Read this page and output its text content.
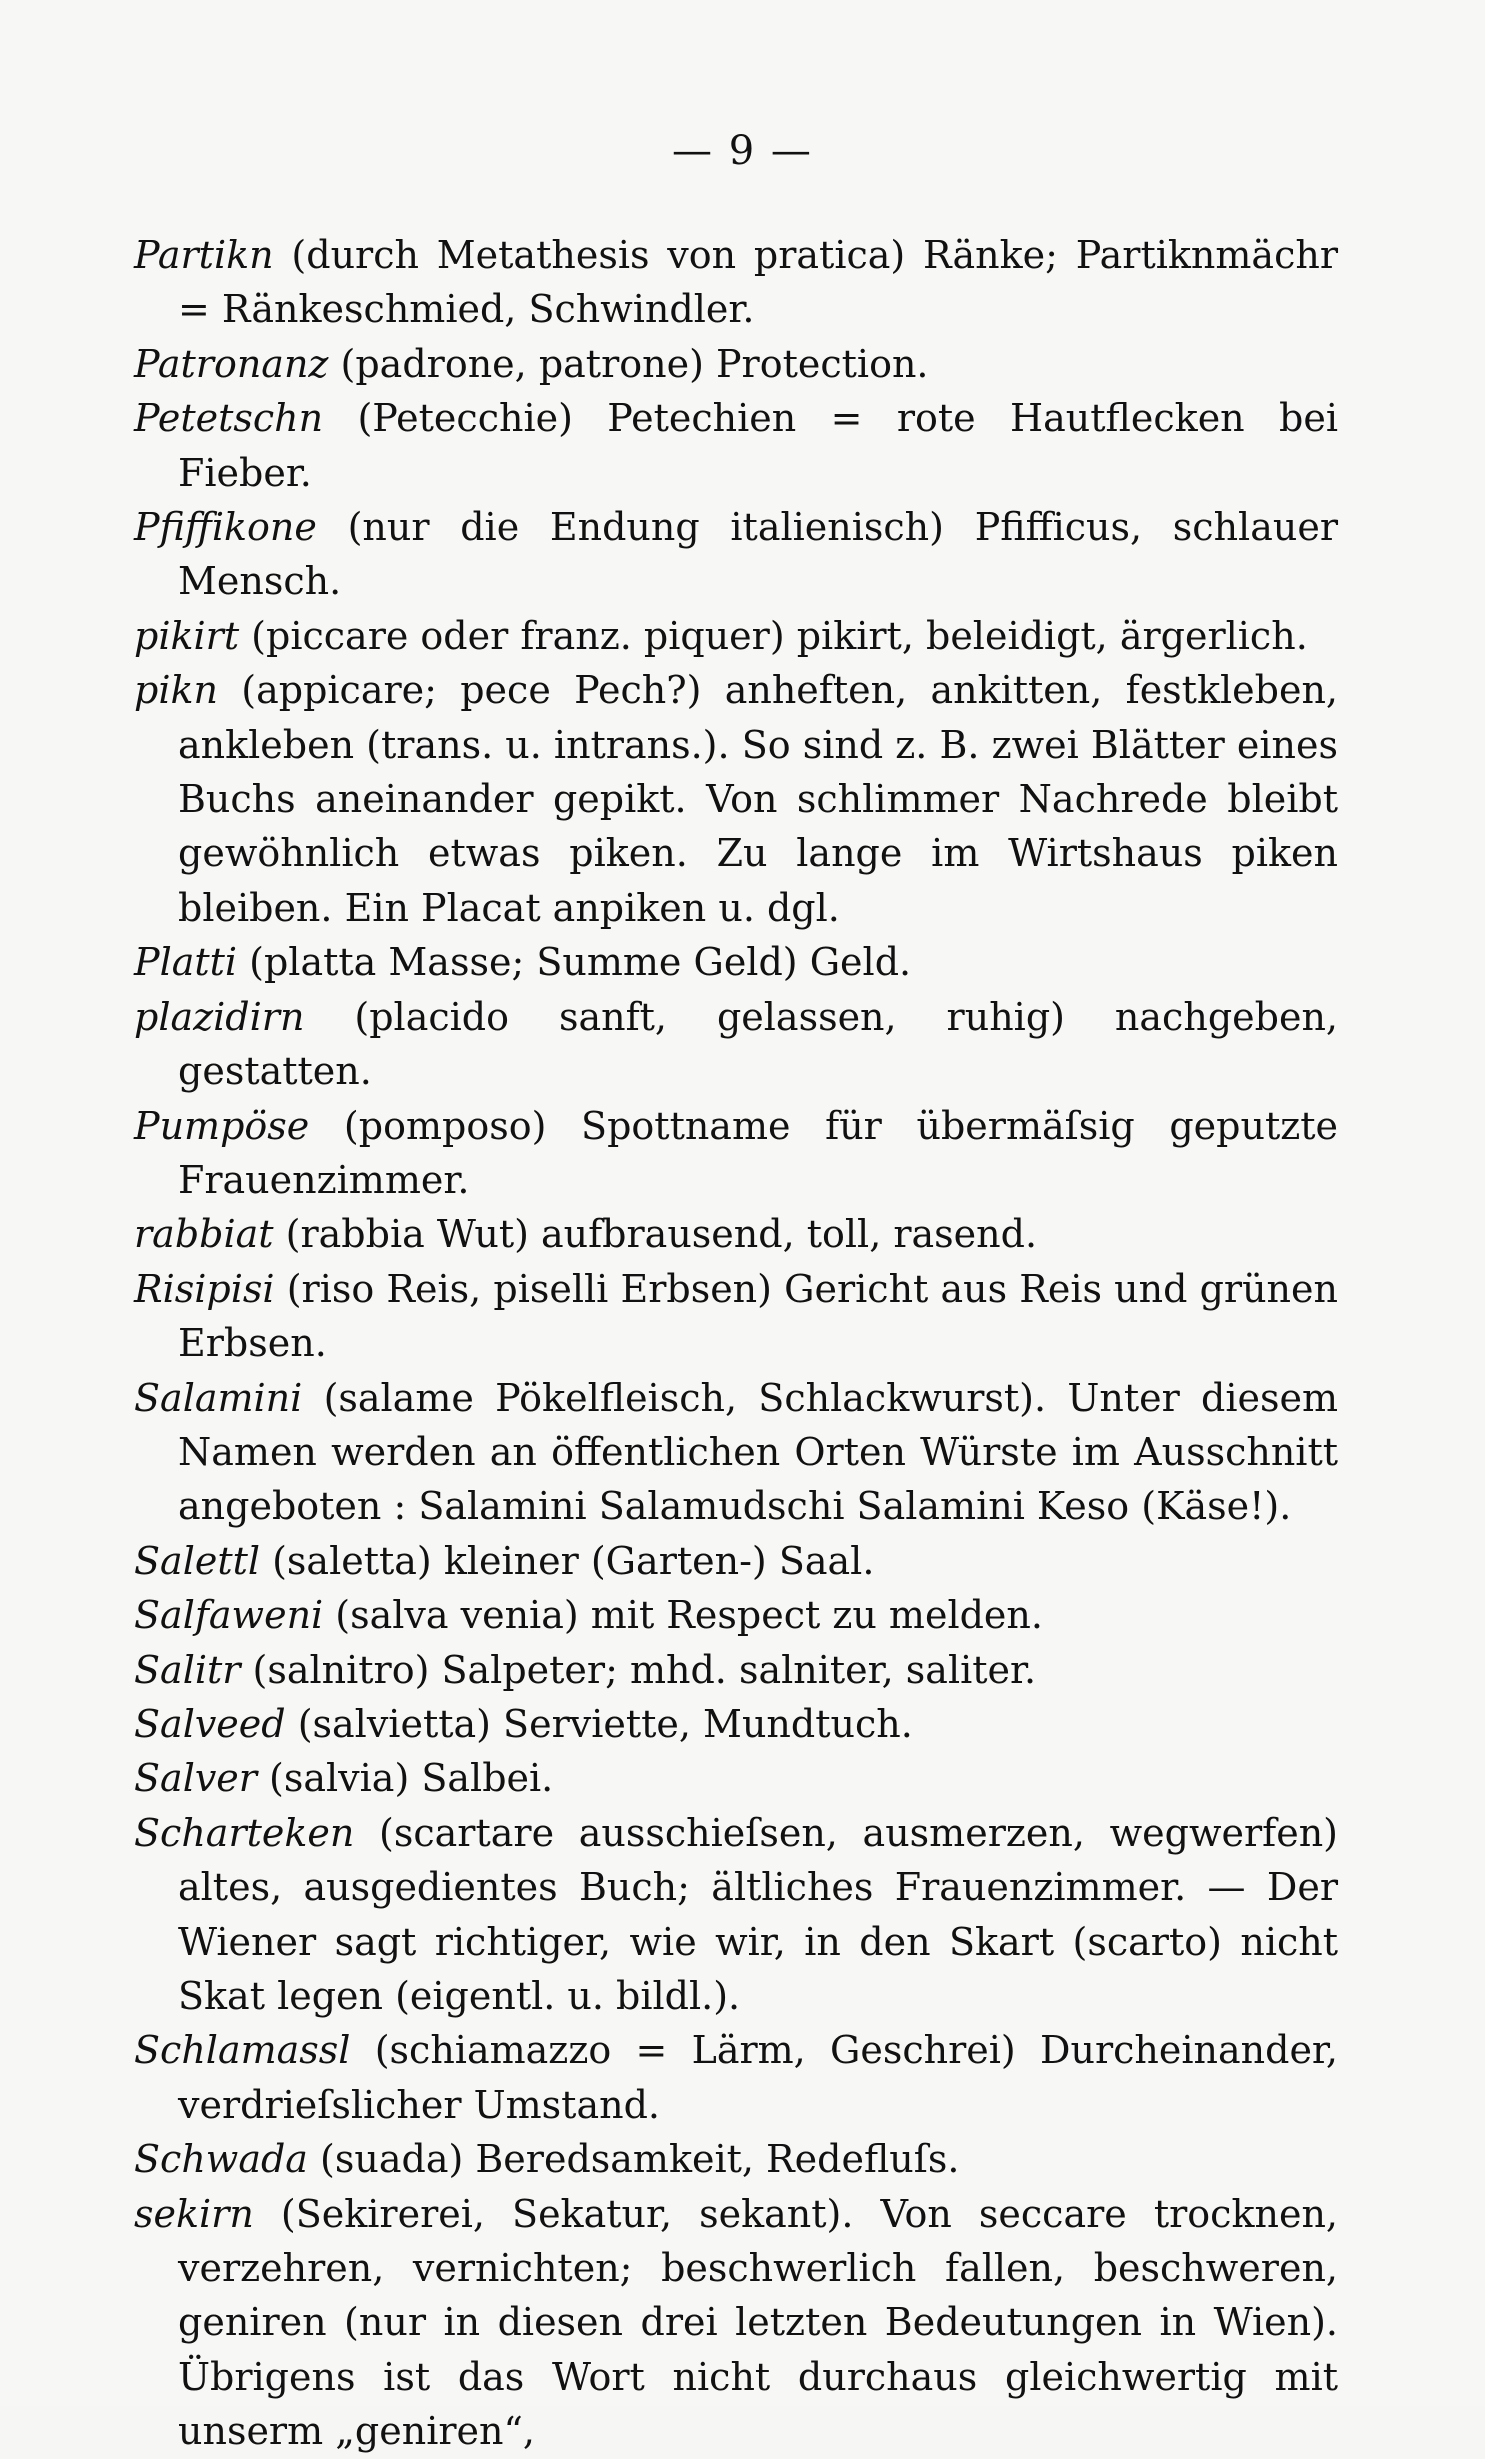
— 9 —

Partikn (durch Metathesis von pratica) Ränke; Partiknmächr = Ränkeschmied, Schwindler.

Patronanz (padrone, patrone) Protection.

Petetschn (Petecchie) Petechien = rote Hautflecken bei Fieber.

Pfiffikone (nur die Endung italienisch) Pfifficus, schlauer Mensch.

pikirt (piccare oder franz. piquer) pikirt, beleidigt, ärgerlich.

pikn (appicare; pece Pech?) anheften, ankitten, festkleben, ankleben (trans. u. intrans.). So sind z. B. zwei Blätter eines Buchs aneinander gepikt. Von schlimmer Nachrede bleibt gewöhnlich etwas piken. Zu lange im Wirtshaus piken bleiben. Ein Placat anpiken u. dgl.

Platti (platta Masse; Summe Geld) Geld.

plazidirn (placido sanft, gelassen, ruhig) nachgeben, gestatten.

Pumpöse (pomposo) Spottname für übermäſsig geputzte Frauenzimmer.

rabbiat (rabbia Wut) aufbrausend, toll, rasend.

Risipisi (riso Reis, piselli Erbsen) Gericht aus Reis und grünen Erbsen.

Salamini (salame Pökelfleisch, Schlackwurst). Unter diesem Namen werden an öffentlichen Orten Würste im Ausschnitt angeboten : Salamini Salamudschi Salamini Keso (Käse!).

Salettl (saletta) kleiner (Garten-) Saal.

Salfaweni (salva venia) mit Respect zu melden.

Salitr (salnitro) Salpeter; mhd. salniter, saliter.

Salveed (salvietta) Serviette, Mundtuch.

Salver (salvia) Salbei.

Scharteken (scartare ausschieſsen, ausmerzen, wegwerfen) altes, ausgedientes Buch; ältliches Frauenzimmer. — Der Wiener sagt richtiger, wie wir, in den Skart (scarto) nicht Skat legen (eigentl. u. bildl.).

Schlamassl (schiamazzo = Lärm, Geschrei) Durcheinander, verdrieſslicher Umstand.

Schwada (suada) Beredsamkeit, Redefluſs.

sekirn (Sekirerei, Sekatur, sekant). Von seccare trocknen, verzehren, vernichten; beschwerlich fallen, beschweren, geniren (nur in diesen drei letzten Bedeutungen in Wien). Übrigens ist das Wort nicht durchaus gleichwertig mit unserm „geniren“,
